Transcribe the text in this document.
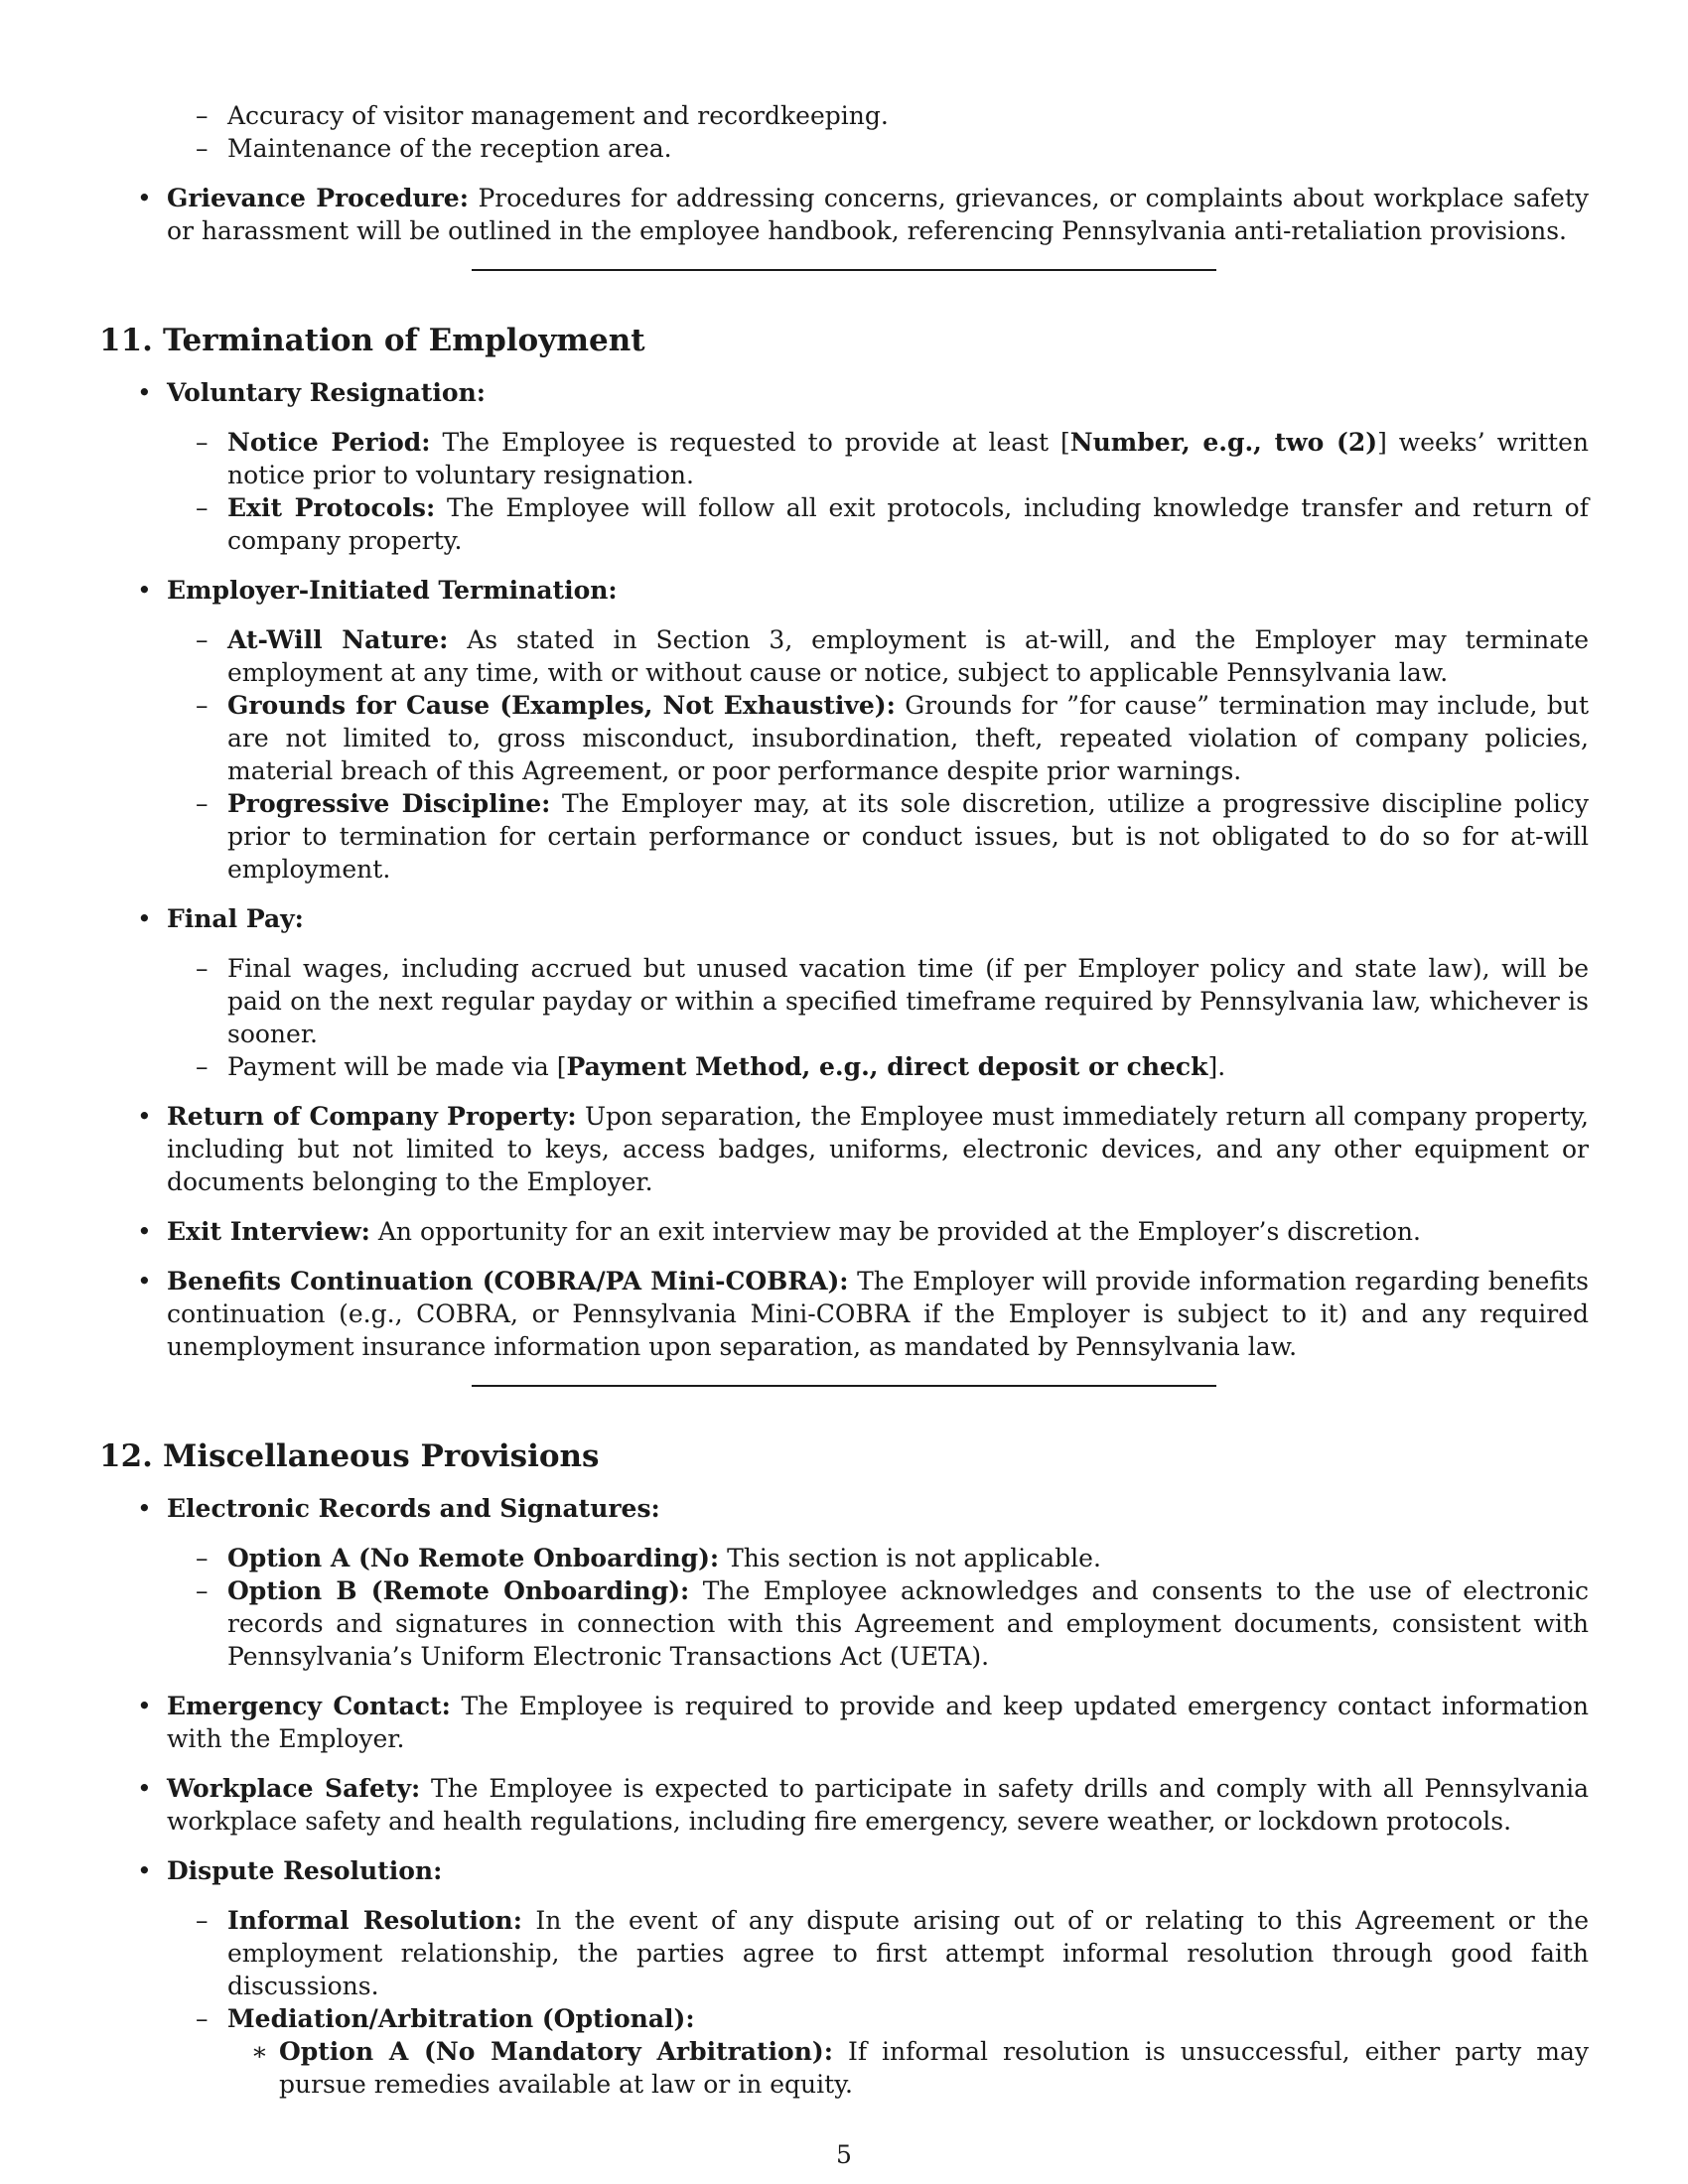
– Accuracy of visitor management and recordkeeping.
– Maintenance of the reception area.
• Grievance Procedure: Procedures for addressing concerns, grievances, or complaints about workplace safety or harassment will be outlined in the employee handbook, referencing Pennsylvania anti-retaliation provisions.
11. Termination of Employment
• Voluntary Resignation:
– Notice Period: The Employee is requested to provide at least [Number, e.g., two (2)] weeks’ written notice prior to voluntary resignation.
– Exit Protocols: The Employee will follow all exit protocols, including knowledge transfer and return of company property.
• Employer-Initiated Termination:
– At-Will Nature: As stated in Section 3, employment is at-will, and the Employer may terminate employment at any time, with or without cause or notice, subject to applicable Pennsylvania law.
– Grounds for Cause (Examples, Not Exhaustive): Grounds for ”for cause” termination may include, but are not limited to, gross misconduct, insubordination, theft, repeated violation of company policies, material breach of this Agreement, or poor performance despite prior warnings.
– Progressive Discipline: The Employer may, at its sole discretion, utilize a progressive discipline policy prior to termination for certain performance or conduct issues, but is not obligated to do so for at-will employment.
• Final Pay:
– Final wages, including accrued but unused vacation time (if per Employer policy and state law), will be paid on the next regular payday or within a specified timeframe required by Pennsylvania law, whichever is sooner.
– Payment will be made via [Payment Method, e.g., direct deposit or check].
• Return of Company Property: Upon separation, the Employee must immediately return all company property, including but not limited to keys, access badges, uniforms, electronic devices, and any other equipment or documents belonging to the Employer.
• Exit Interview: An opportunity for an exit interview may be provided at the Employer’s discretion.
• Benefits Continuation (COBRA/PA Mini-COBRA): The Employer will provide information regarding benefits continuation (e.g., COBRA, or Pennsylvania Mini-COBRA if the Employer is subject to it) and any required unemployment insurance information upon separation, as mandated by Pennsylvania law.
12. Miscellaneous Provisions
• Electronic Records and Signatures:
– Option A (No Remote Onboarding): This section is not applicable.
– Option B (Remote Onboarding): The Employee acknowledges and consents to the use of electronic records and signatures in connection with this Agreement and employment documents, consistent with Pennsylvania’s Uniform Electronic Transactions Act (UETA).
• Emergency Contact: The Employee is required to provide and keep updated emergency contact information with the Employer.
• Workplace Safety: The Employee is expected to participate in safety drills and comply with all Pennsylvania workplace safety and health regulations, including fire emergency, severe weather, or lockdown protocols.
• Dispute Resolution:
– Informal Resolution: In the event of any dispute arising out of or relating to this Agreement or the employment relationship, the parties agree to first attempt informal resolution through good faith discussions.
– Mediation/Arbitration (Optional):
∗ Option A (No Mandatory Arbitration): If informal resolution is unsuccessful, either party may pursue remedies available at law or in equity.
5
